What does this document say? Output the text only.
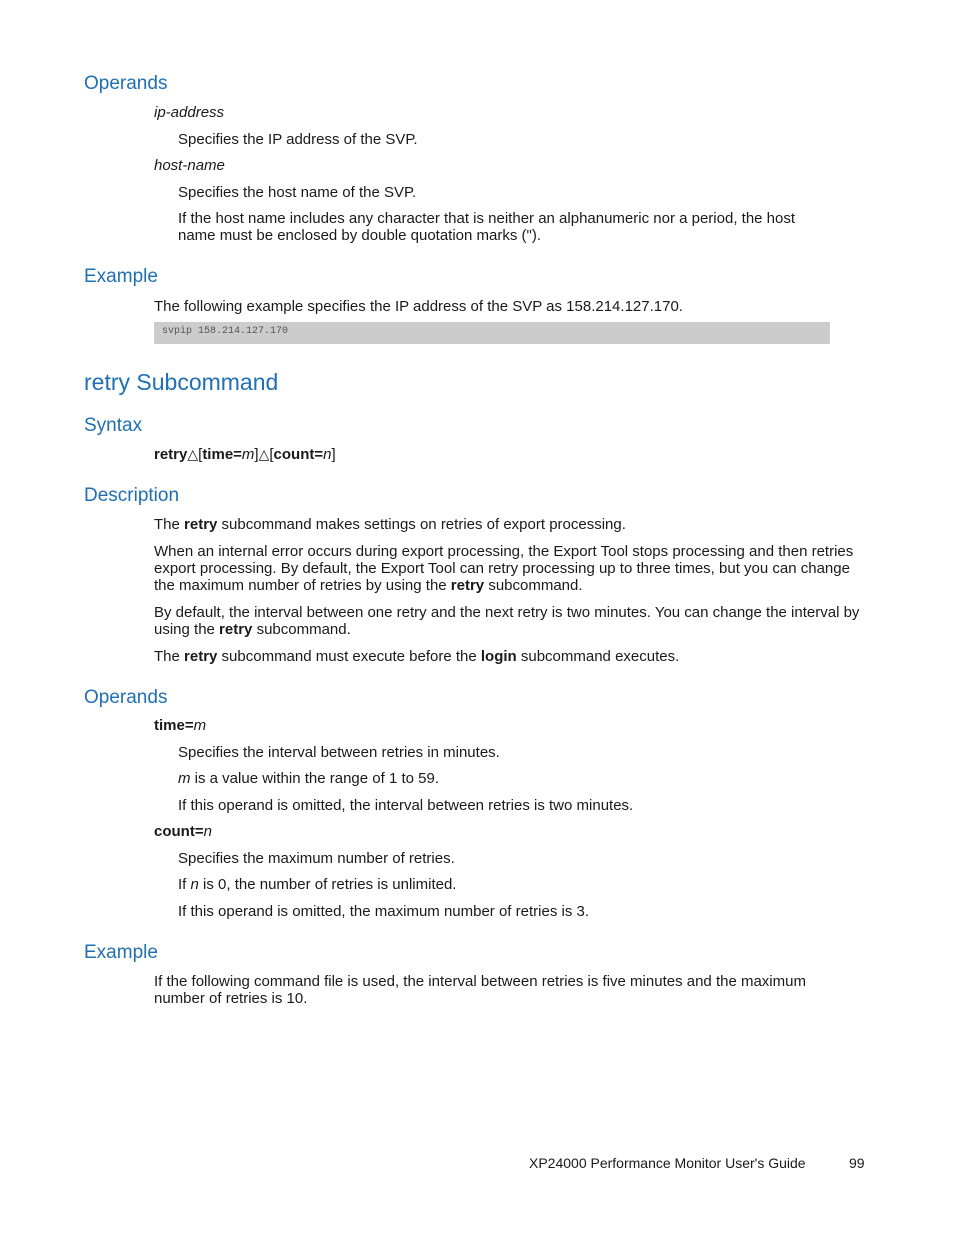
Operands

ip-address

Specifies the IP address of the SVP.

host-name

Specifies the host name of the SVP.

If the host name includes any character that is neither an alphanumeric nor a period, the host name must be enclosed by double quotation marks (").

Example

The following example specifies the IP address of the SVP as 158.214.127.170.

svpip 158.214.127.170
retry Subcommand
Syntax

retry△[time=m]△[count=n]

Description

The retry subcommand makes settings on retries of export processing.

When an internal error occurs during export processing, the Export Tool stops processing and then retries export processing. By default, the Export Tool can retry processing up to three times, but you can change the maximum number of retries by using the retry subcommand.

By default, the interval between one retry and the next retry is two minutes. You can change the interval by using the retry subcommand.

The retry subcommand must execute before the login subcommand executes.

Operands

time=m

Specifies the interval between retries in minutes.

m is a value within the range of 1 to 59.

If this operand is omitted, the interval between retries is two minutes.

count=n

Specifies the maximum number of retries.

If n is 0, the number of retries is unlimited.

If this operand is omitted, the maximum number of retries is 3.

Example

If the following command file is used, the interval between retries is five minutes and the maximum number of retries is 10.

XP24000 Performance Monitor User's Guide	99
